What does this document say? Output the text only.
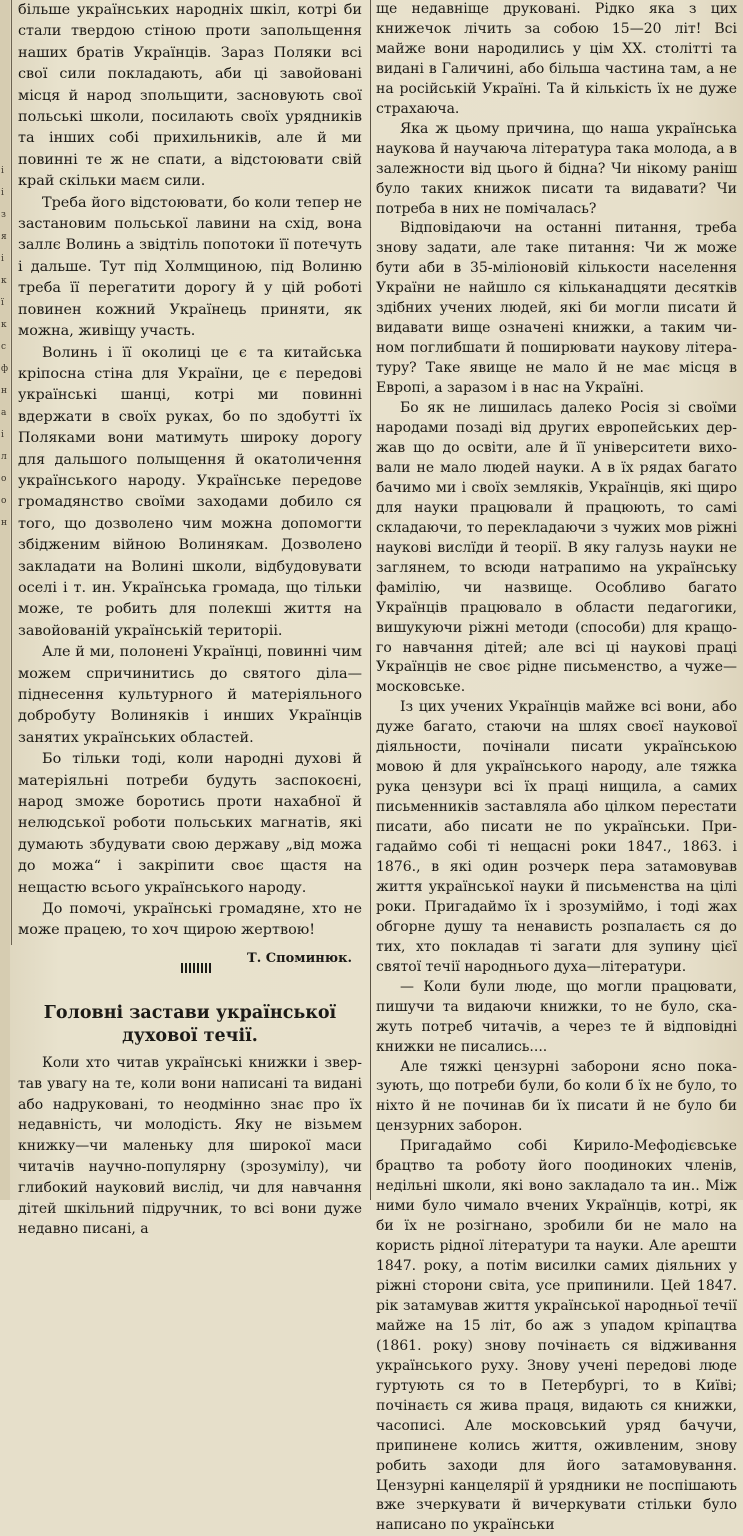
і
і
з
я
і
к
ї
к
с
ф
н
а
і
л
о
о
н

більше українських народніх шкіл, котрі би стали твердою стіною проти запольщення наших братів Українців. Зараз Поляки всі свої сили покладають, аби ці завойовані місця й народ зпольщити, засновують свої польські школи, посилають своїх урядників та інших собі прихильників, але й ми повинні те ж не спати, а відстоювати свій край скільки маєм сили.

Треба його відстоювати, бо коли тепер не застановим польської лавини на схід, вона заллє Волинь а звідтіль попотоки її потечуть і дальше. Тут під Холмщиною, під Волиню треба її перегатити дорогу й у цій роботі повинен кожний Українець приняти, як можна, живіщу участь.

Волинь і її околиці це є та китайська кріпосна стіна для України, це є передові українські шанці, котрі ми повинні вдержати в своїх руках, бо по здобутті їх Поляками вони матимуть широку дорогу для дальшого полыщення й окатоличення українського народу. Українське передове громадянство своїми заходами добило ся того, що дозволено чим можна допомогти збідженим війною Волинякам. Дозволено закладати на Волині школи, відбудовувати оселі і т. ин. Українська громада, що тільки може, те робить для полекші життя на завойованій українській територіі.

Але й ми, полонені Українці, повинні чим можем спричинитись до святого діла—піднесення культурного й матеріяльного добробуту Волиняків і инших Українців занятих українських областей.

Бо тільки тоді, коли народні духові й матеріяльні потреби будуть заспокоєні, народ зможе боротись проти нахабної й нелюдської роботи польських магнатів, які думають збудувати свою державу „від можа до можа“ і закріпити своє щастя на нещастю всього українського народу.

До помочі, українські громадяне, хто не може працею, то хоч щирою жертвою!

Т. Споминюк.
Головні застави української духової течії.

Коли хто читав українські книжки і звертав увагу на те, коли вони написані та видані або надруковані, то неодмінно знає про їх недавність, чи молодість. Яку не візьмем книжку—чи маленьку для широкої маси читачів научно-популярну (зрозумілу), чи глибокий науковий вислід, чи для навчання дітей шкільний підручник, то всі вони дуже недавно писані, а

ще недавніще друковані. Рідко яка з цих книжечок лічить за собою 15—20 літ! Всі майже вони народились у цім XX. столітті та видані в Галичині, або більша частина там, а не на російській Україні. Та й кількість їх не дуже страхаюча.

Яка ж цьому причина, що наша українська наукова й научаюча література така молода, а в залежности від цього й бідна? Чи нікому раніш було таких книжок писати та видавати? Чи потреба в них не помічалась?

Відповідаючи на останні питання, треба знову задати, але таке питання: Чи ж може бути аби в 35-міліоновій кількости населення України не найшло ся кільканадцяти десятків здібних учених людей, які би могли писати й видавати вище означені книжки, а таким чином поглибшати й поширювати наукову літературу? Таке явище не мало й не має місця в Европі, а заразом і в нас на Україні.

Бо як не лишилась далеко Росія зі своїми народами позаді від других европейських держав що до освіти, але й її університети виховали не мало людей науки. А в їх рядах багато бачимо ми і своїх земляків, Українців, які щиро для науки працювали й працюють, то самі складаючи, то перекладаючи з чужих мов ріжні наукові вислїди й теорії. В яку галузь науки не заглянем, то всюди натрапимо на українську фамілію, чи назвище. Особливо багато Українців працювало в области педагогики, вишукуючи ріжні методи (способи) для кращого навчання дітей; але всі ці наукові праці Українців не своє рідне письменство, а чуже—московське.

Із цих учених Українців майже всі вони, або дуже багато, стаючи на шлях своєї наукової діяльности, почінали писати українською мовою й для українського народу, але тяжка рука цензури всі їх праці нищила, а самих письменників заставляла або цілком перестати писати, або писати не по українськи. Пригадаймо собі ті нещасні роки 1847., 1863. і 1876., в які один розчерк пера затамовував життя української науки й письменства на цілі роки. Пригадаймо їх і зрозуміймо, і тоді жах обгорне душу та ненависть розпалаєть ся до тих, хто покладав ті загати для зупину цієї святої течії народнього духа—літератури.

— Коли були люде, що могли працювати, пишучи та видаючи книжки, то не було, скажуть потреб читачів, а через те й відповідні книжки не писались....

Але тяжкі цензурні заборони ясно показують, що потреби були, бо коли б їх не було, то ніхто й не починав би їх писати й не було би цензурних заборон.

Пригадаймо собі Кирило-Мефодієвське брацтво та роботу його поодиноких членів, недільні школи, які воно закладало та ин.. Між ними було чимало вчених Українців, котрі, як би їх не розігнано, зробили би не мало на користь рідної літератури та науки. Але арешти 1847. року, а потім висилки самих діяльних у ріжні сторони світа, усе припинили. Цей 1847. рік затамував життя української народньої течії майже на 15 літ, бо аж з упадом кріпацтва (1861. року) знову почінаєть ся відживання українського руху. Знову учені передові люде гуртують ся то в Петербургі, то в Київі; почінаєть ся жива праця, видають ся книжки, часописі. Але московський уряд бачучи, припинене колись життя, оживленим, знову робить заходи для його затамовування. Цензурні канцелярії й урядники не поспішають вже зчеркувати й вичеркувати стільки було написано по українськи
